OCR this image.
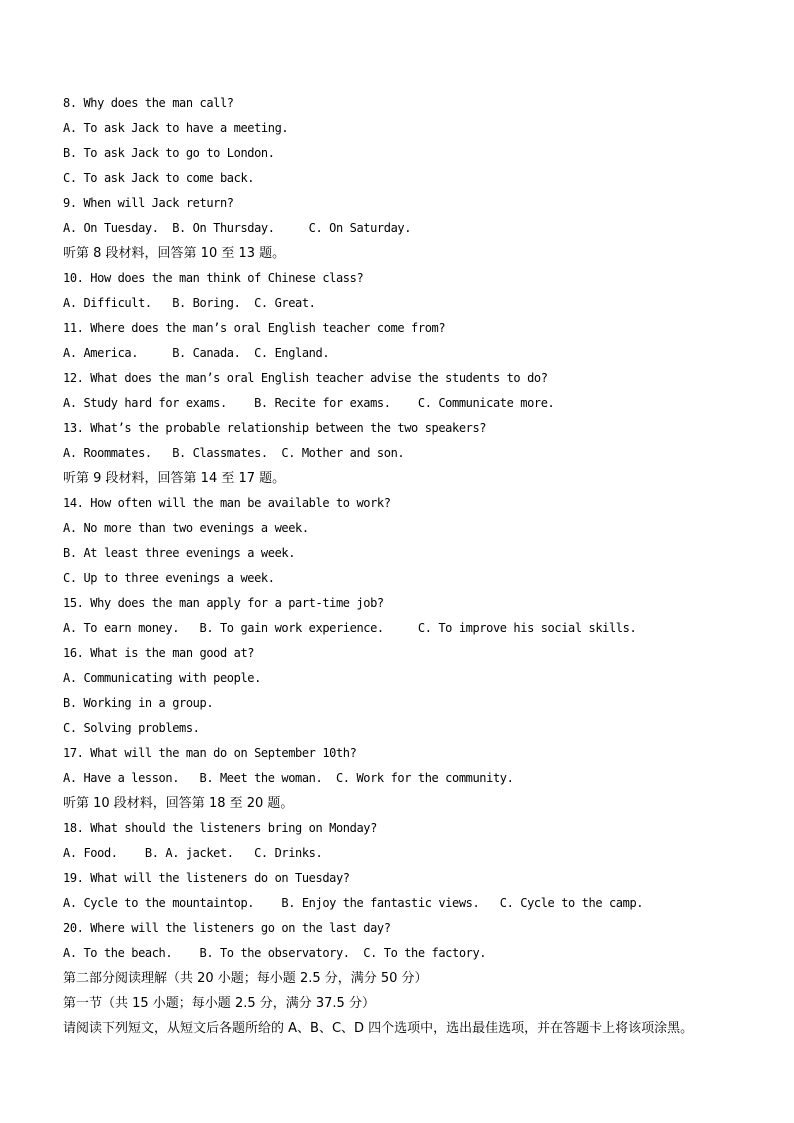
8. Why does the man call?
A. To ask Jack to have a meeting.
B. To ask Jack to go to London.
C. To ask Jack to come back.
9. When will Jack return?
A. On Tuesday.  B. On Thursday.     C. On Saturday.
听第 8 段材料，回答第 10 至 13 题。
10. How does the man think of Chinese class?
A. Difficult.   B. Boring.  C. Great.
11. Where does the man’s oral English teacher come from?
A. America.     B. Canada.  C. England.
12. What does the man’s oral English teacher advise the students to do?
A. Study hard for exams.    B. Recite for exams.    C. Communicate more.
13. What’s the probable relationship between the two speakers?
A. Roommates.   B. Classmates.  C. Mother and son.
听第 9 段材料，回答第 14 至 17 题。
14. How often will the man be available to work?
A. No more than two evenings a week.
B. At least three evenings a week.
C. Up to three evenings a week.
15. Why does the man apply for a part-time job?
A. To earn money.   B. To gain work experience.     C. To improve his social skills.
16. What is the man good at?
A. Communicating with people.
B. Working in a group.
C. Solving problems.
17. What will the man do on September 10th?
A. Have a lesson.   B. Meet the woman.  C. Work for the community.
听第 10 段材料，回答第 18 至 20 题。
18. What should the listeners bring on Monday?
A. Food.    B. A. jacket.   C. Drinks.
19. What will the listeners do on Tuesday?
A. Cycle to the mountaintop.    B. Enjoy the fantastic views.   C. Cycle to the camp.
20. Where will the listeners go on the last day?
A. To the beach.    B. To the observatory.  C. To the factory.
第二部分阅读理解（共 20 小题；每小题 2.5 分，满分 50 分）
第一节（共 15 小题；每小题 2.5 分，满分 37.5 分）
请阅读下列短文，从短文后各题所给的 A、B、C、D 四个选项中，选出最佳选项，并在答题卡上将该项涂黑。
